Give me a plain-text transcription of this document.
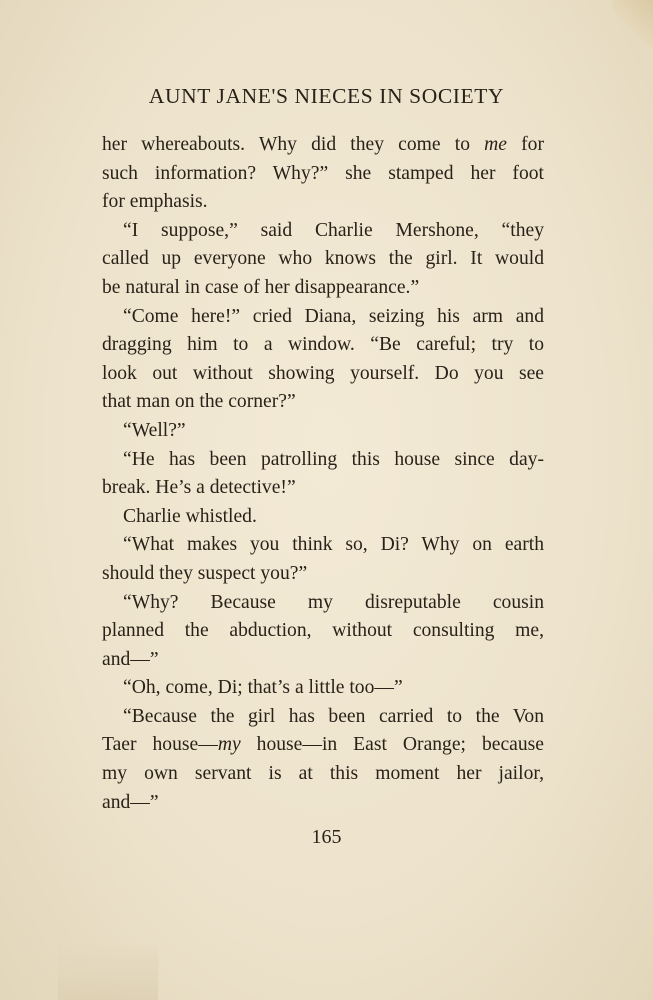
AUNT JANE'S NIECES IN SOCIETY
her whereabouts. Why did they come to me for
such information? Why?” she stamped her foot
for emphasis.
“I suppose,” said Charlie Mershone, “they
called up everyone who knows the girl. It would
be natural in case of her disappearance.”
“Come here!” cried Diana, seizing his arm and
dragging him to a window. “Be careful; try to
look out without showing yourself. Do you see
that man on the corner?”
“Well?”
“He has been patrolling this house since day-
break. He’s a detective!”
Charlie whistled.
“What makes you think so, Di? Why on earth
should they suspect you?”
“Why? Because my disreputable cousin
planned the abduction, without consulting me,
and—”
“Oh, come, Di; that’s a little too—”
“Because the girl has been carried to the Von
Taer house—my house—in East Orange; because
my own servant is at this moment her jailor,
and—”
165
